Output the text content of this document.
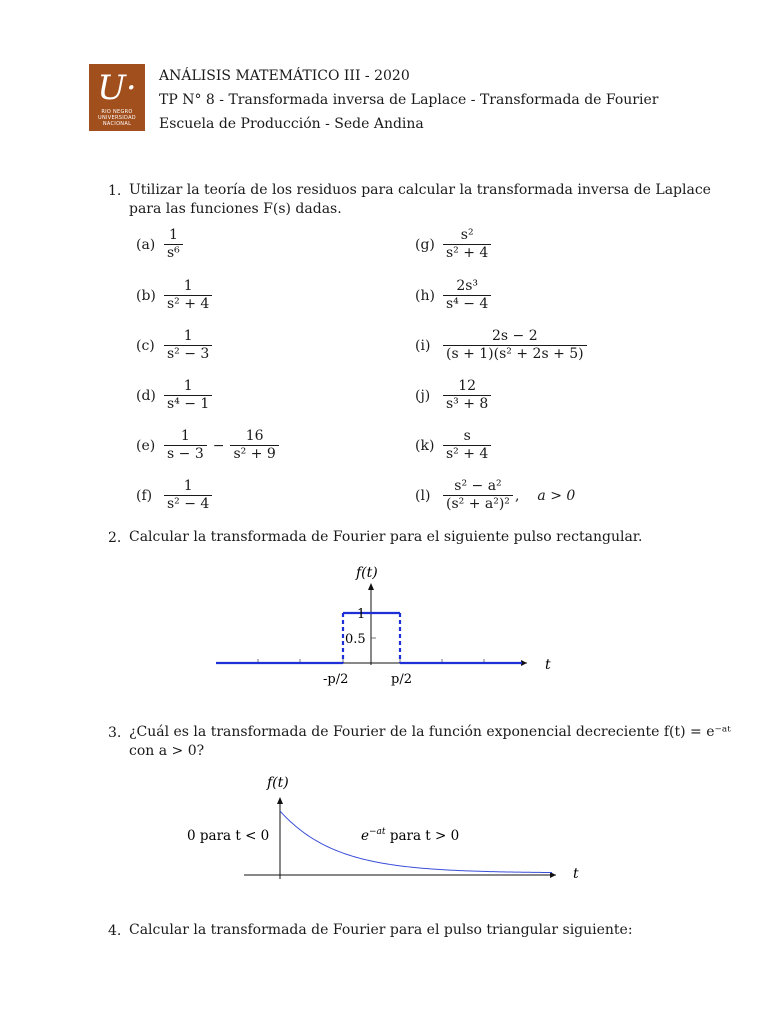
U·
RIO NEGRO
UNIVERSIDAD
NACIONAL
ANÁLISIS MATEMÁTICO III - 2020
TP N° 8 - Transformada inversa de Laplace - Transformada de Fourier
Escuela de Producción - Sede Andina
1. Utilizar la teoría de los residuos para calcular la transformada inversa de Laplace
para las funciones F(s) dadas.
$(a) \frac{1}{\text{s⁶}}$
$(b) \frac{1}{\text{s² + 4}}$
$(c) \frac{1}{\text{s² − 3}}$
$(d) \frac{1}{\text{s⁴ − 1}}$
$(e) \frac{1}{s - 3} - \frac{16}{\text{s² + 9}}$
$(f) \frac{1}{\text{s² − 4}}$
$(g) \frac{\text{s²}}{\text{s² + 4}}$
$(h) \frac{\text{2s³}}{\text{s⁴ − 4}}$
$(i) \frac{2s - 2}{\text{(s + 1)(s² + 2s + 5)}}$
$(j) \frac{12}{\text{s³ + 8}}$
$(k) \frac{s}{\text{s² + 4}}$
$(l) \frac{\text{s² − a²}}{\text{(s² + a²)²}}$ , a > 0
2. Calcular la transformada de Fourier para el siguiente pulso rectangular.
f(t)
t
1
0.5
-p/2	p/2
3. ¿Cuál es la transformada de Fourier de la función exponencial decreciente f(t) = e⁻ᵃᵗ
con a > 0?
f(t)
t
0 para t < 0	$e^{-at}$ para t > 0
4. Calcular la transformada de Fourier para el pulso triangular siguiente:
